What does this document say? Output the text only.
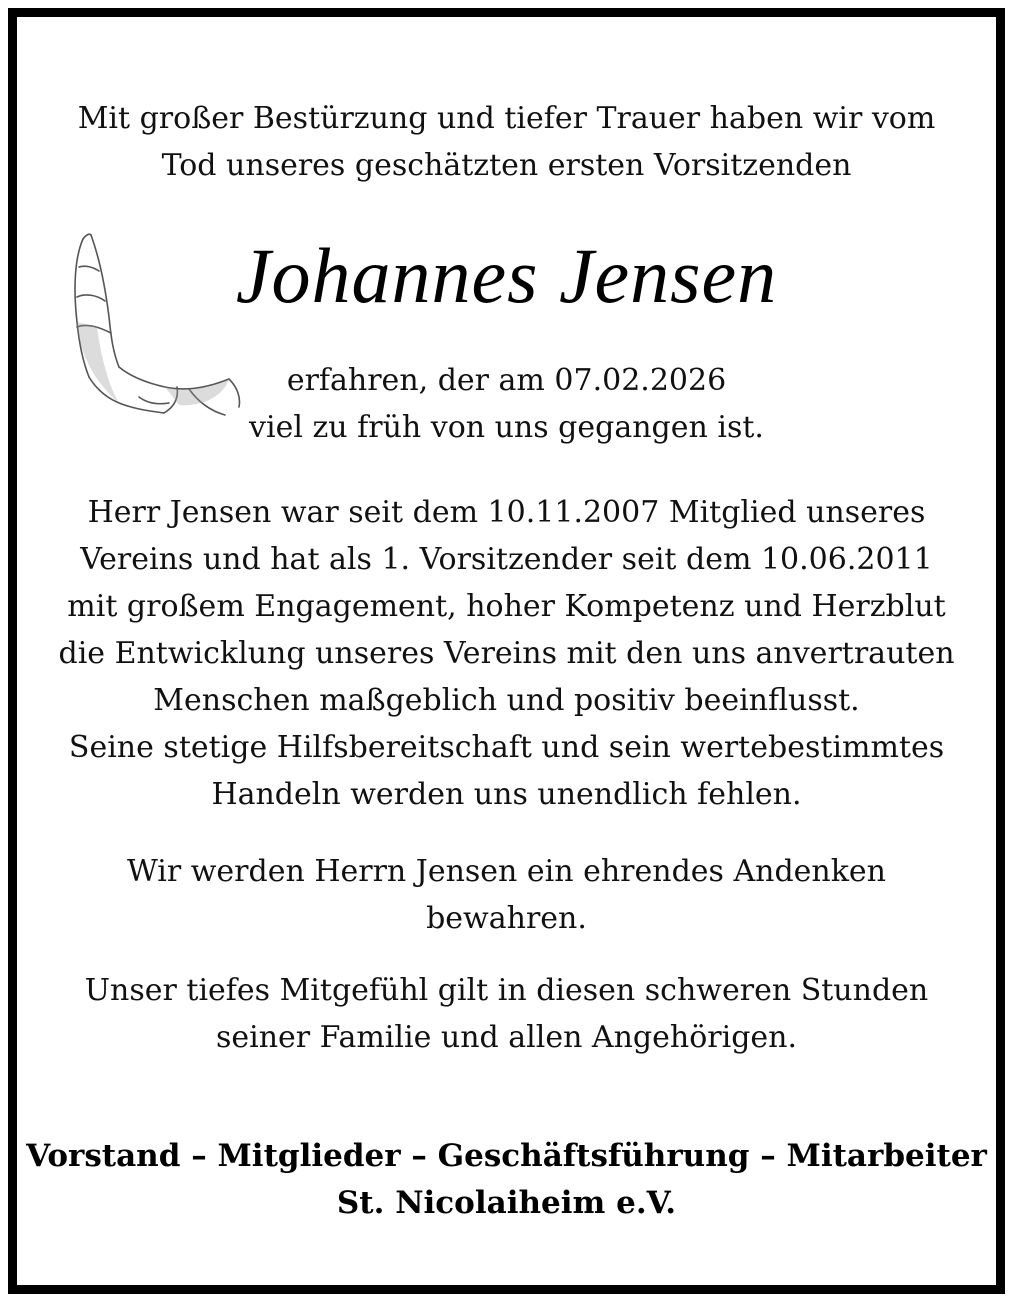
Mit großer Bestürzung und tiefer Trauer haben wir vom
Tod unseres geschätzten ersten Vorsitzenden
Johannes Jensen
erfahren, der am 07.02.2026
viel zu früh von uns gegangen ist.
Herr Jensen war seit dem 10.11.2007 Mitglied unseres
Vereins und hat als 1. Vorsitzender seit dem 10.06.2011
mit großem Engagement, hoher Kompetenz und Herzblut
die Entwicklung unseres Vereins mit den uns anvertrauten
Menschen maßgeblich und positiv beeinflusst.
Seine stetige Hilfsbereitschaft und sein wertebestimmtes
Handeln werden uns unendlich fehlen.
Wir werden Herrn Jensen ein ehrendes Andenken
bewahren.
Unser tiefes Mitgefühl gilt in diesen schweren Stunden
seiner Familie und allen Angehörigen.
Vorstand – Mitglieder – Geschäftsführung – Mitarbeiter
St. Nicolaiheim e.V.
